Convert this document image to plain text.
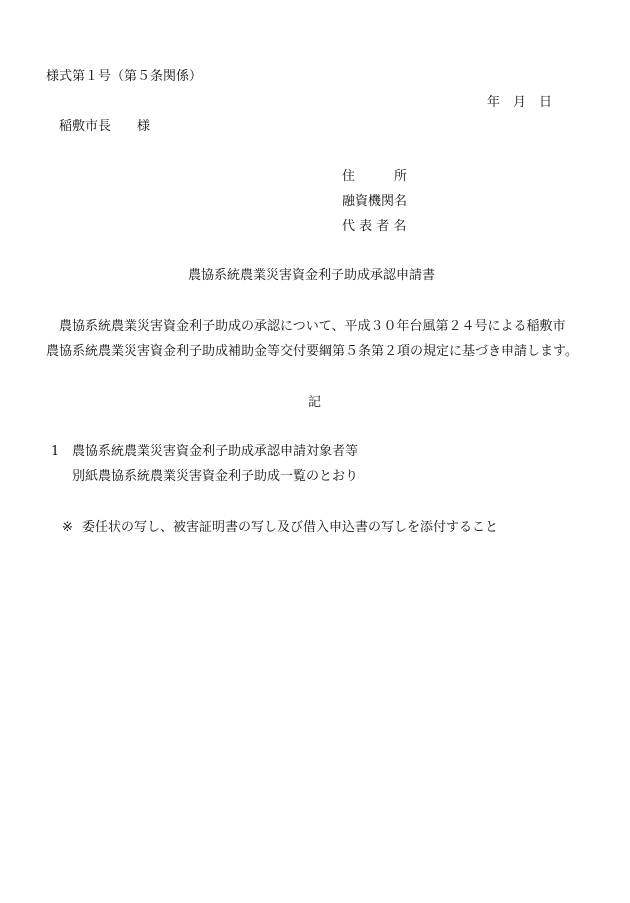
様式第１号（第５条関係）
年　月　日
稲敷市長　　様
住　　　所
融資機関名
代 表 者 名
農協系統農業災害資金利子助成承認申請書
農協系統農業災害資金利子助成の承認について、平成３０年台風第２４号による稲敷市
農協系統農業災害資金利子助成補助金等交付要綱第５条第２項の規定に基づき申請します。
記
1 農協系統農業災害資金利子助成承認申請対象者等
別紙農協系統農業災害資金利子助成一覧のとおり
※ 委任状の写し、被害証明書の写し及び借入申込書の写しを添付すること
